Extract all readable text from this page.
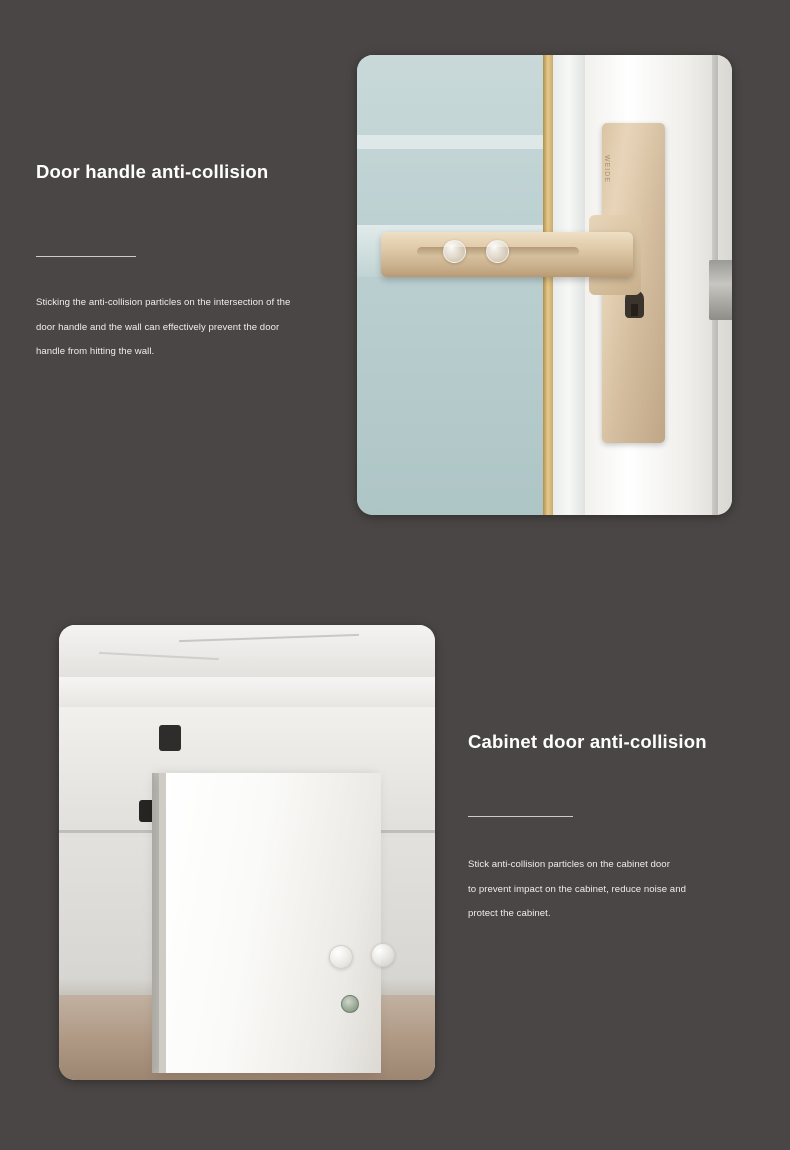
Door handle anti-collision

Sticking the anti-collision particles on the intersection of the

door handle and the wall can effectively prevent the door

handle from hitting the wall.

WEIDE
Cabinet door anti-collision

Stick anti-collision particles on the cabinet door

to prevent impact on the cabinet, reduce noise and

protect the cabinet.
